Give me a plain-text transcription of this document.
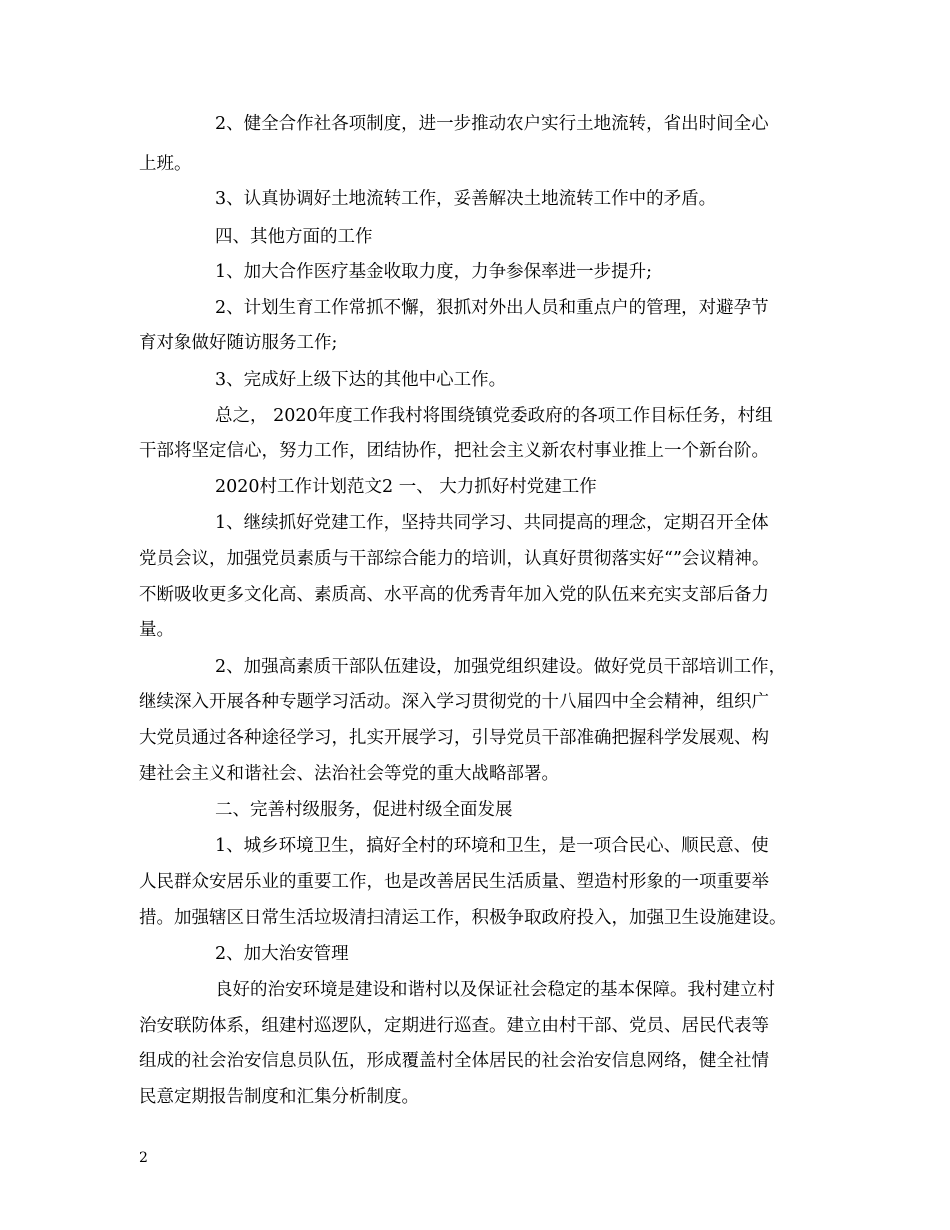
2、健全合作社各项制度，进一步推动农户实行土地流转，省出时间全心
上班。
3、认真协调好土地流转工作，妥善解决土地流转工作中的矛盾。
四、其他方面的工作
1、加大合作医疗基金收取力度，力争参保率进一步提升;
2、计划生育工作常抓不懈，狠抓对外出人员和重点户的管理，对避孕节
育对象做好随访服务工作;
3、完成好上级下达的其他中心工作。
总之， 2020年度工作我村将围绕镇党委政府的各项工作目标任务，村组
干部将坚定信心，努力工作，团结协作，把社会主义新农村事业推上一个新台阶。
2020村工作计划范文2 一、 大力抓好村党建工作
1、继续抓好党建工作，坚持共同学习、共同提高的理念，定期召开全体
党员会议，加强党员素质与干部综合能力的培训，认真好贯彻落实好“”会议精神。
不断吸收更多文化高、素质高、水平高的优秀青年加入党的队伍来充实支部后备力
量。
2、加强高素质干部队伍建设，加强党组织建设。做好党员干部培训工作，
继续深入开展各种专题学习活动。深入学习贯彻党的十八届四中全会精神，组织广
大党员通过各种途径学习，扎实开展学习，引导党员干部准确把握科学发展观、构
建社会主义和谐社会、法治社会等党的重大战略部署。
二、完善村级服务，促进村级全面发展
1、城乡环境卫生，搞好全村的环境和卫生，是一项合民心、顺民意、使
人民群众安居乐业的重要工作，也是改善居民生活质量、塑造村形象的一项重要举
措。加强辖区日常生活垃圾清扫清运工作，积极争取政府投入，加强卫生设施建设。
2、加大治安管理
良好的治安环境是建设和谐村以及保证社会稳定的基本保障。我村建立村
治安联防体系，组建村巡逻队，定期进行巡查。建立由村干部、党员、居民代表等
组成的社会治安信息员队伍，形成覆盖村全体居民的社会治安信息网络，健全社情
民意定期报告制度和汇集分析制度。
2
